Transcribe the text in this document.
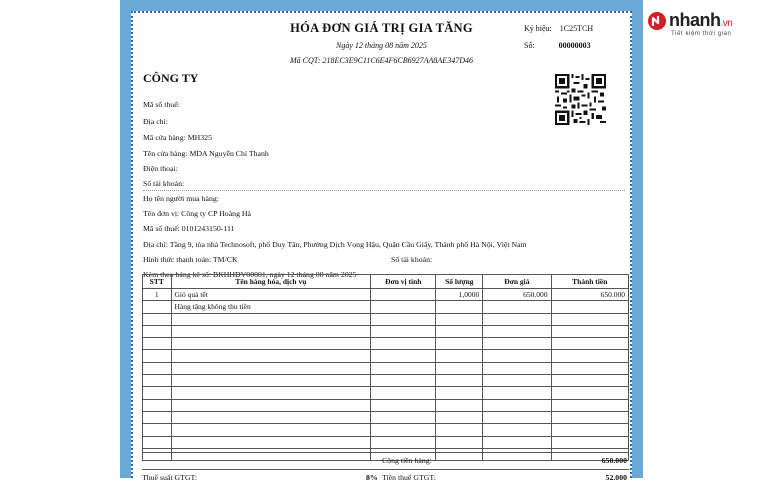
nhanh.vn
Tiết kiệm thời gian
HÓA ĐƠN GIÁ TRỊ GIA TĂNG
Ngày 12 tháng 08 năm 2025
Mã CQT: 218EC3E9C11C6E4F6CB6927AA8AE347D46
Ký hiệu: 1C25TCH
Số:	00000003
CÔNG TY
Mã số thuế:
Địa chỉ:
Mã cửa hàng: MH325
Tên cửa hàng: MDA Nguyễn Chí Thanh
Điện thoại:
Số tài khoản:
Họ tên người mua hàng:
Tên đơn vị: Công ty CP Hoàng Hà
Mã số thuế: 0101243150-111
Địa chỉ: Tầng 9, tòa nhà Technosoft, phố Duy Tân, Phường Dịch Vọng Hậu, Quận Cầu Giấy, Thành phố Hà Nội, Việt Nam
Hình thức thanh toán: TM/CK	Số tài khoản:
Kèm theo bảng kê số: BKHHDV00001, ngày 12 tháng 08 năm 2025
STT	Tên hàng hóa, dịch vụ	Đơn vị tính	Số lượng	Đơn giá	Thành tiền
1	Giỏ quà tết		1,0000	650.000	650.000
	Hàng tặng không thu tiền				

Cộng tiền hàng:	650.000
Thuế suất GTGT:	8% Tiền thuế GTGT:	52.000
